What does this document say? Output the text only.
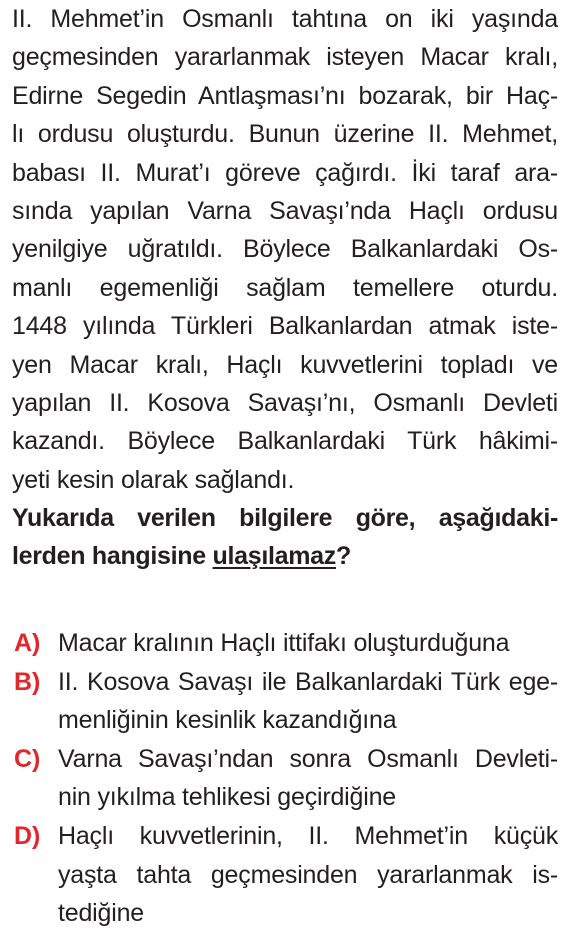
II. Mehmet’in Osmanlı tahtına on iki yaşında
geçmesinden yararlanmak isteyen Macar kralı,
Edirne Segedin Antlaşması’nı bozarak, bir Haç-
lı ordusu oluşturdu. Bunun üzerine II. Mehmet,
babası II. Murat’ı göreve çağırdı. İki taraf ara-
sında yapılan Varna Savaşı’nda Haçlı ordusu
yenilgiye uğratıldı. Böylece Balkanlardaki Os-
manlı egemenliği sağlam temellere oturdu.
1448 yılında Türkleri Balkanlardan atmak iste-
yen Macar kralı, Haçlı kuvvetlerini topladı ve
yapılan II. Kosova Savaşı’nı, Osmanlı Devleti
kazandı. Böylece Balkanlardaki Türk hâkimi-
yeti kesin olarak sağlandı.
Yukarıda verilen bilgilere göre, aşağıdaki-
lerden hangisine ulaşılamaz?
A) Macar kralının Haçlı ittifakı oluşturduğuna
B) II. Kosova Savaşı ile Balkanlardaki Türk ege-
menliğinin kesinlik kazandığına
C) Varna Savaşı’ndan sonra Osmanlı Devleti-
nin yıkılma tehlikesi geçirdiğine
D) Haçlı kuvvetlerinin, II. Mehmet’in küçük
yaşta tahta geçmesinden yararlanmak is-
tediğine
